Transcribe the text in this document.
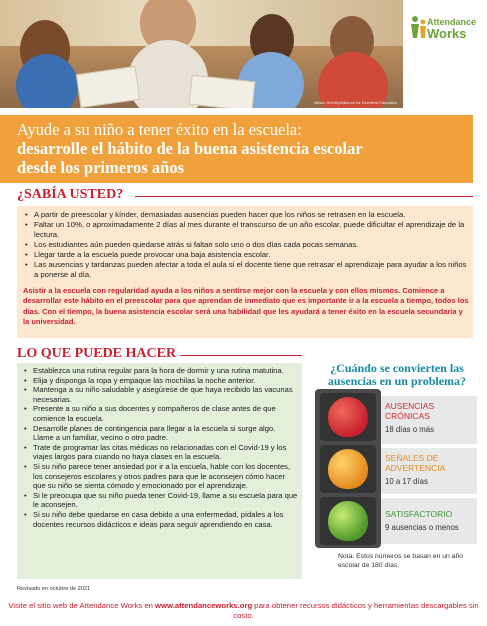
Allison Shelley/Alliance for Excellent Education
Attendance
Works
Ayude a su niño a tener éxito en la escuela:
desarrolle el hábito de la buena asistencia escolar
desde los primeros años
¿SABÍA USTED?
• A partir de preescolar y kínder, demasiadas ausencias pueden hacer que los niños se retrasen en la escuela.
• Faltar un 10%, o aproximadamente 2 días al mes durante el transcurso de un año escolar, puede dificultar el aprendizaje de la lectura.
• Los estudiantes aún pueden quedarse atrás si faltan solo uno o dos días cada pocas semanas.
• Llegar tarde a la escuela puede provocar una baja asistencia escolar.
• Las ausencias y tardanzas pueden afectar a toda el aula si el docente tiene que retrasar el aprendizaje para ayudar a los niños a ponerse al día.
Asistir a la escuela con regularidad ayuda a los niños a sentirse mejor con la escuela y con ellos mismos. Comience a desarrollar este hábito en el preescolar para que aprendan de inmediato que es importante ir a la escuela a tiempo, todos los días. Con el tiempo, la buena asistencia escolar será una habilidad que les ayudará a tener éxito en la escuela secundaria y la universidad.
LO QUE PUEDE HACER
• Establezca una rutina regular para la hora de dormir y una rutina matutina.
• Elija y disponga la ropa y empaque las mochilas la noche anterior.
• Mantenga a su niño saludable y asegúrese de que haya recibido las vacunas necesarias.
• Presente a su niño a sus docentes y compañeros de clase antes de que comience la escuela.
• Desarrolle planes de contingencia para llegar a la escuela si surge algo. Llame a un familiar, vecino o otro padre.
• Trate de programar las citas médicas no relacionadas con el Covid-19 y los viajes largos para cuando no haya clases en la escuela.
• Si su niño parece tener ansiedad por ir a la escuela, hable con los docentes, los consejeros escolares y otros padres para que le aconsejen cómo hacer que su niño se sienta cómodo y emocionado por el aprendizaje.
• Si le preocupa que su niño pueda tener Covid-19, llame a su escuela para que le aconsejen.
• Si su niño debe quedarse en casa debido a una enfermedad, pídales a los docentes recursos didácticos e ideas para seguir aprendiendo en casa.
¿Cuándo se convierten las ausencias en un problema?
AUSENCIAS
CRÓNICAS
18 días o más
SEÑALES DE
ADVERTENCIA
10 a 17 días
SATISFACTORIO
9 ausencias o menos
Nota: Estos números se basan en un año escolar de 180 días.
Revisado en octubre de 2021
Visite el sitio web de Attendance Works en www.attendanceworks.org para obtener recursos didácticos y herramientas descargables sin costo.
